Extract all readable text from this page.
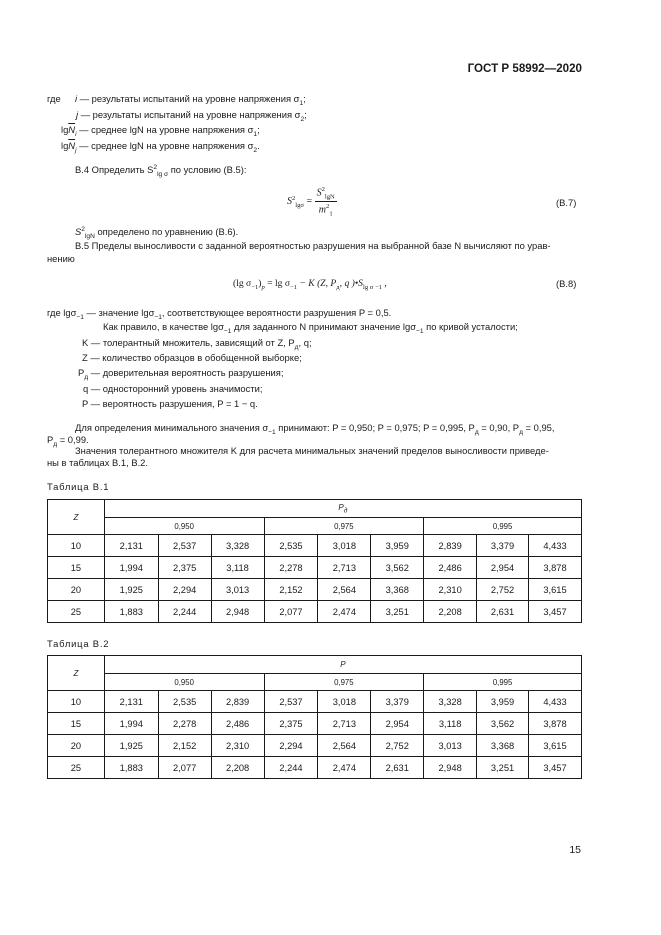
ГОСТ Р 58992—2020
где i — результаты испытаний на уровне напряжения $\sigma_1$;
j — результаты испытаний на уровне напряжения $\sigma_2$;
$\lg\overline{N}_i$ — среднее lgN на уровне напряжения $\sigma_1$;
$\lg\overline{N}_j$ — среднее lgN на уровне напряжения $\sigma_2$.
В.4 Определить $S^2_{lg \sigma}$ по условию (В.5):
$S^2_{lg\sigma} = \frac{S^2_{lgN}}{m^2_1}$	(В.7)
$S^2_{lgN}$ определено по уравнению (В.6).
В.5 Пределы выносливости с заданной вероятностью разрушения на выбранной базе N вычисляют по урав-
нению
(lg $\sigma_{-1})_p = \lg \sigma_{-1} - K$ (Z, $P_д$, q )$•S_{lg \sigma -1}$ ,	(В.8)
где lgσ$_{-1}$ — значение lgσ$_{-1}$, соответствующее вероятности разрушения P = 0,5.
Как правило, в качестве lgσ$_{-1}$ для заданного N принимают значение lgσ$_{-1}$ по кривой усталости;
K — толерантный множитель, зависящий от Z, $P_д$, q;
Z — количество образцов в обобщенной выборке;
$P_д$ — доверительная вероятность разрушения;
q — односторонний уровень значимости;
P — вероятность разрушения, P = 1 − q.
Для определения минимального значения $\sigma_{-1}$ принимают: P = 0,950; P = 0,975; P = 0,995, $P_д = 0,90$, $P_д = 0,95$,
$P_д = 0,99$.
Значения толерантного множителя K для расчета минимальных значений пределов выносливости приведе-
ны в таблицах В.1, В.2.
Таблица В.1
Z	$P_д$
	0,950			0,975			0,995		
10	2,131	2,537	3,328	2,535	3,018	3,959	2,839	3,379	4,433
15	1,994	2,375	3,118	2,278	2,713	3,562	2,486	2,954	3,878
20	1,925	2,294	3,013	2,152	2,564	3,368	2,310	2,752	3,615
25	1,883	2,244	2,948	2,077	2,474	3,251	2,208	2,631	3,457
Таблица В.2
Z	P								
	0,950			0,975			0,995		
10	2,131	2,535	2,839	2,537	3,018	3,379	3,328	3,959	4,433
15	1,994	2,278	2,486	2,375	2,713	2,954	3,118	3,562	3,878
20	1,925	2,152	2,310	2,294	2,564	2,752	3,013	3,368	3,615
25	1,883	2,077	2,208	2,244	2,474	2,631	2,948	3,251	3,457
15
